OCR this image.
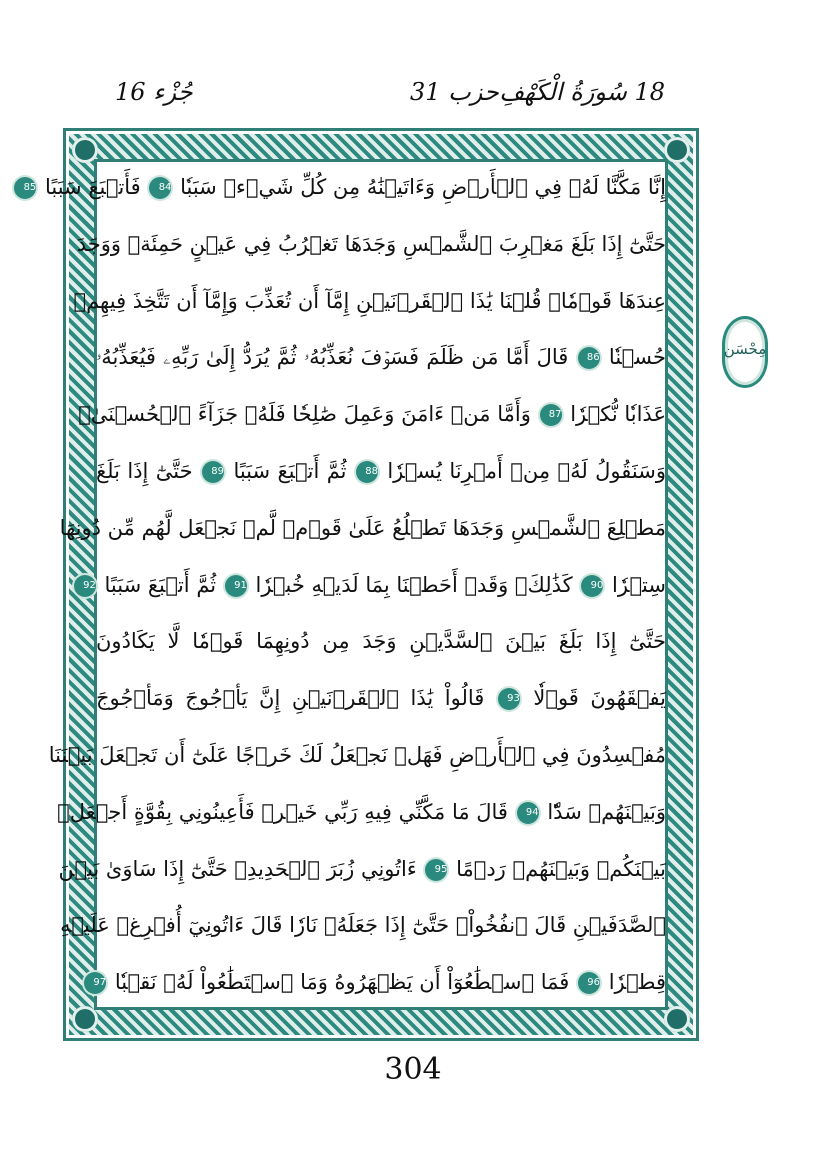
18 سُورَةُ الْكَهْفِ
حزب 31
جُزْء 16
إِنَّا مَكَّنَّا لَهُۥ فِي ٱلۡأَرۡضِ وَءَاتَيۡنَٰهُ مِن كُلِّ شَيۡءٖ سَبَبٗا 84 فَأَتۡبَعَ سَبَبًا 85
حَتَّىٰٓ إِذَا بَلَغَ مَغۡرِبَ ٱلشَّمۡسِ وَجَدَهَا تَغۡرُبُ فِي عَيۡنٍ حَمِئَةٖ وَوَجَدَ
عِندَهَا قَوۡمٗاۗ قُلۡنَا يَٰذَا ٱلۡقَرۡنَيۡنِ إِمَّآ أَن تُعَذِّبَ وَإِمَّآ أَن تَتَّخِذَ فِيهِمۡ
حُسۡنٗا 86 قَالَ أَمَّا مَن ظَلَمَ فَسَوۡفَ نُعَذِّبُهُۥ ثُمَّ يُرَدُّ إِلَىٰ رَبِّهِۦ فَيُعَذِّبُهُۥ
عَذَابٗا نُّكۡرٗا 87 وَأَمَّا مَنۡ ءَامَنَ وَعَمِلَ صَٰلِحٗا فَلَهُۥ جَزَآءً ٱلۡحُسۡنَىٰۖ
وَسَنَقُولُ لَهُۥ مِنۡ أَمۡرِنَا يُسۡرٗا 88 ثُمَّ أَتۡبَعَ سَبَبًا 89 حَتَّىٰٓ إِذَا بَلَغَ
مَطۡلِعَ ٱلشَّمۡسِ وَجَدَهَا تَطۡلُعُ عَلَىٰ قَوۡمٖ لَّمۡ نَجۡعَل لَّهُم مِّن دُونِهَا
سِتۡرٗا 90 كَذَٰلِكَۖ وَقَدۡ أَحَطۡنَا بِمَا لَدَيۡهِ خُبۡرٗا 91 ثُمَّ أَتۡبَعَ سَبَبًا 92
حَتَّىٰٓ إِذَا بَلَغَ بَيۡنَ ٱلسَّدَّيۡنِ وَجَدَ مِن دُونِهِمَا قَوۡمٗا لَّا يَكَادُونَ
يَفۡقَهُونَ قَوۡلٗا 93 قَالُواْ يَٰذَا ٱلۡقَرۡنَيۡنِ إِنَّ يَأۡجُوجَ وَمَأۡجُوجَ
مُفۡسِدُونَ فِي ٱلۡأَرۡضِ فَهَلۡ نَجۡعَلُ لَكَ خَرۡجًا عَلَىٰٓ أَن تَجۡعَلَ بَيۡنَنَا
وَبَيۡنَهُمۡ سَدّٗا 94 قَالَ مَا مَكَّنِّي فِيهِ رَبِّي خَيۡرٞ فَأَعِينُونِي بِقُوَّةٍ أَجۡعَلۡ
بَيۡنَكُمۡ وَبَيۡنَهُمۡ رَدۡمًا 95 ءَاتُونِي زُبَرَ ٱلۡحَدِيدِۖ حَتَّىٰٓ إِذَا سَاوَىٰ بَيۡنَ
ٱلصَّدَفَيۡنِ قَالَ ٱنفُخُواْۖ حَتَّىٰٓ إِذَا جَعَلَهُۥ نَارٗا قَالَ ءَاتُونِيٓ أُفۡرِغۡ عَلَيۡهِ
قِطۡرٗا 96 فَمَا ٱسۡطَٰعُوٓاْ أَن يَظۡهَرُوهُ وَمَا ٱسۡتَطَٰعُواْ لَهُۥ نَقۡبٗا 97
مِحْسَن
304
